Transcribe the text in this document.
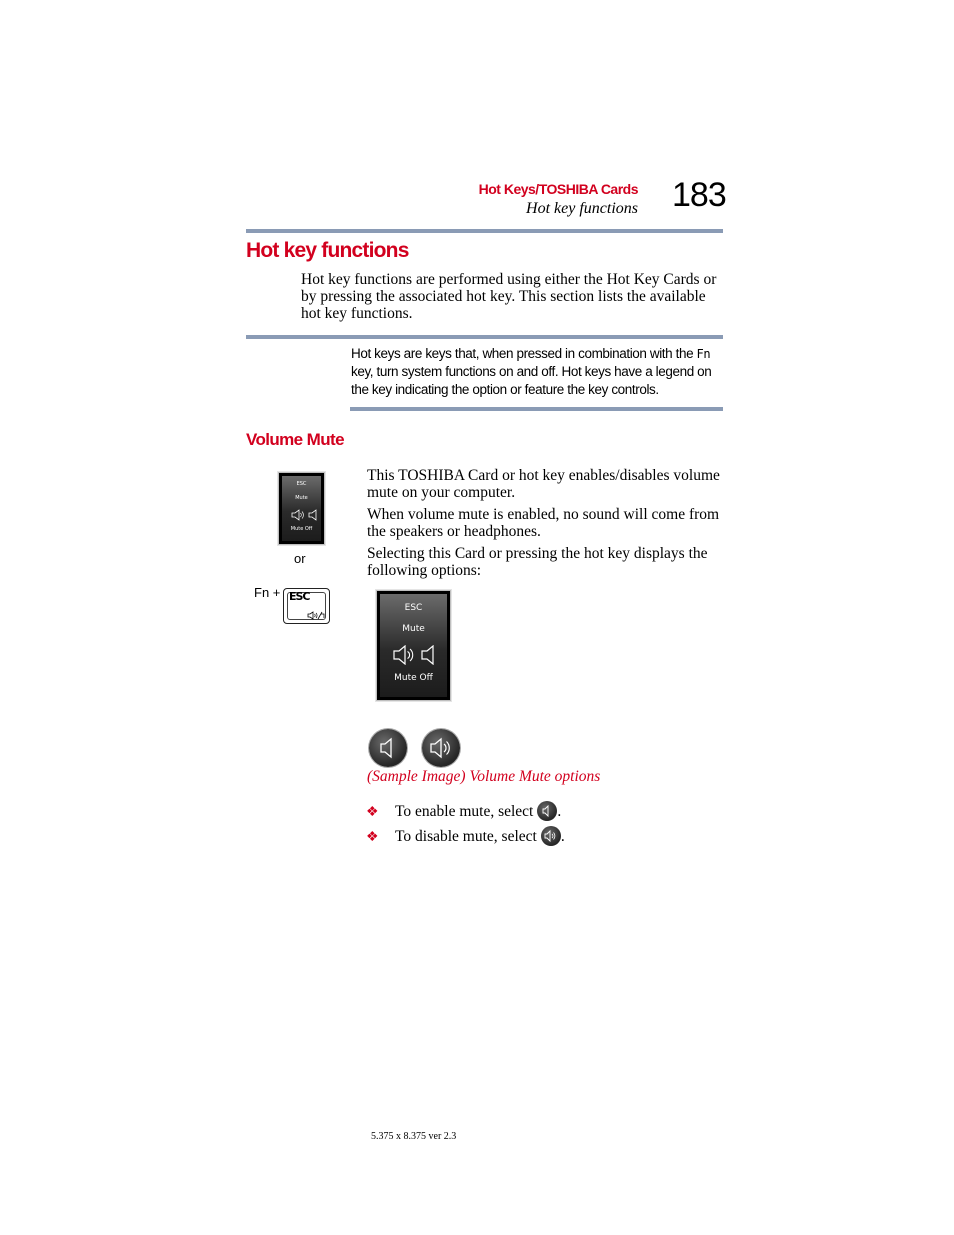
Hot Keys/TOSHIBA Cards
Hot key functions 183
Hot key functions
Hot key functions are performed using either the Hot Key Cards or by pressing the associated hot key. This section lists the available hot key functions.
Hot keys are keys that, when pressed in combination with the Fn key, turn system functions on and off. Hot keys have a legend on the key indicating the option or feature the key controls.
Volume Mute
ESC
Mute
Mute Off
or
Fn + ESC
This TOSHIBA Card or hot key enables/disables volume mute on your computer.
When volume mute is enabled, no sound will come from the speakers or headphones.
Selecting this Card or pressing the hot key displays the following options:
ESC
Mute
Mute Off
(Sample Image) Volume Mute options
❖ To enable mute, select .
❖ To disable mute, select .
5.375 x 8.375 ver 2.3
